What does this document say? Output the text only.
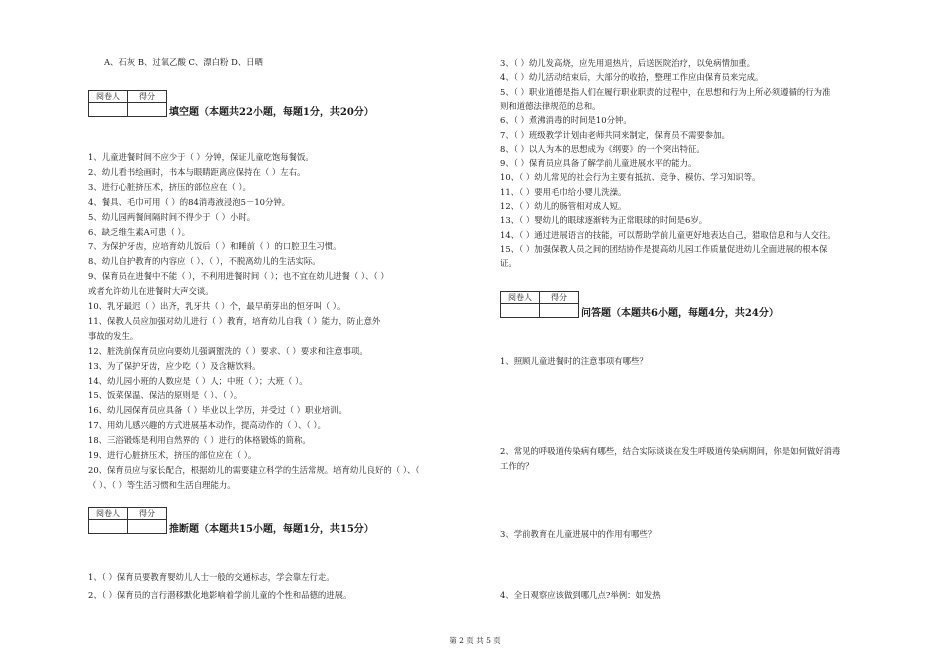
A、石灰 B、过氧乙酸 C、漂白粉 D、日晒
阅卷人	得分

填空题（本题共22小题，每题1分，共20分）
1、儿童进餐时间不应少于（ ）分钟，保证儿童吃饱每餐饭。
2、幼儿看书绘画时，书本与眼睛距离应保持在（ ）左右。
3、进行心脏挤压术，挤压的部位应在（ ）。
4、餐具、毛巾可用（ ）的84消毒液浸泡5－10分钟。
5、幼儿园两餐间隔时间不得少于（ ）小时。
6、缺乏维生素A可患（ ）。
7、为保护牙齿，应培育幼儿饭后（ ）和睡前（ ）的口腔卫生习惯。
8、幼儿自护教育的内容应（ ）、（ ），不脱离幼儿的生活实际。
9、保育员在进餐中不能（ ），不利用进餐时间（ ）；也不宜在幼儿进餐（ ）、（ ）
或者允许幼儿在进餐时大声交谈。
10、乳牙最迟（ ）出齐，乳牙共（ ）个，最早萌芽出的恒牙叫（ ）。
11、保教人员应加强对幼儿进行（ ）教育，培育幼儿自我（ ）能力，防止意外
事故的发生。
12、脏洗前保育员应向要幼儿强调盥洗的（ ）要求、（ ）要求和注意事项。
13、为了保护牙齿，应少吃（ ）及含糖饮料。
14、幼儿园小班的人数应是（ ）人；中班（ ）；大班（ ）。
15、饭菜保温、保洁的原则是（ ）、（ ）。
16、幼儿园保育员应具备（ ）毕业以上学历，并受过（ ）职业培训。
17、用幼儿感兴趣的方式进展基本动作，提高动作的（ ）、（ ）。
18、三浴锻炼是利用自然界的（ ）进行的体格锻炼的简称。
19、进行心脏挤压术，挤压的部位应在（ ）。
20、保育员应与家长配合，根据幼儿的需要建立科学的生活常规。培育幼儿良好的（ ）、（
（ ）、（ ）等生活习惯和生活自理能力。
阅卷人	得分

推断题（本题共15小题，每题1分，共15分）
1、（ ）保育员要教育婴幼儿人士一般的交通标志，学会靠左行走。
2、（ ）保育员的言行潜移默化地影响着学前儿童的个性和品德的进展。
3、（ ）幼儿发高烧，应先用退热片，后送医院治疗，以免病情加重。
4、（ ）幼儿活动结束后，大部分的收拾，整理工作应由保育员来完成。
5、（ ）职业道德是指人们在履行职业职责的过程中，在思想和行为上所必须遵循的行为准
则和道德法律规范的总和。
6、（ ）煮沸消毒的时间是10分钟。
7、（ ）班级教学计划由老师共同来制定，保育员不需要参加。
8、（ ）以人为本的思想成为《纲要》的一个突出特征。
9、（ ）保育员应具备了解学前儿童进展水平的能力。
10、（ ）幼儿常见的社会行为主要有抵抗、竞争、模仿、学习知识等。
11、（ ）要用毛巾给小婴儿洗澡。
12、（ ）幼儿的肠管相对成人短。
13、（ ）婴幼儿的眼球逐渐转为正常眼球的时间是6岁。
14、（ ）通过进展语言的技能，可以帮助学前儿童更好地表达自己，猎取信息和与人交往。
15、（ ）加强保教人员之间的团结协作是提高幼儿园工作质量促进幼儿全面进展的根本保
证。
阅卷人	得分

问答题（本题共6小题，每题4分，共24分）
1、照顾儿童进餐时的注意事项有哪些？
2、常见的呼吸道传染病有哪些，结合实际谈谈在发生呼吸道传染病期间，你是如何做好消毒
工作的？
3、学前教育在儿童进展中的作用有哪些？
4、全日观察应该做到哪几点?举例：如发热
第 2 页 共 5 页
